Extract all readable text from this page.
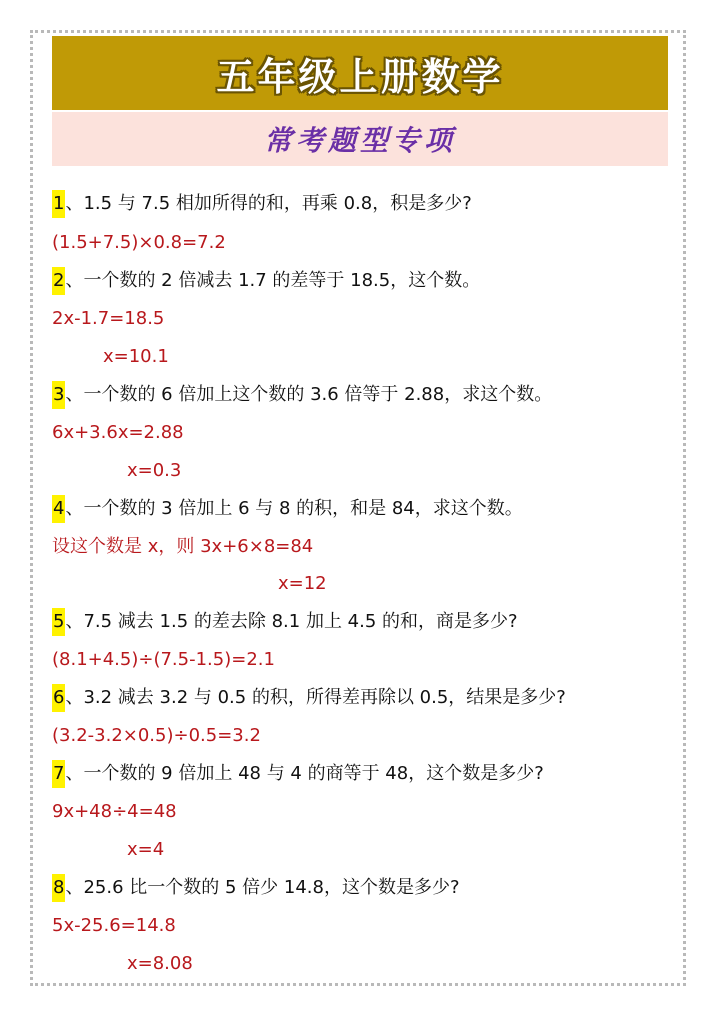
五年级上册数学
常考题型专项
1、1.5 与 7.5 相加所得的和，再乘 0.8，积是多少?
(1.5+7.5)×0.8=7.2
2、一个数的 2 倍减去 1.7 的差等于 18.5，这个数。
2x-1.7=18.5
x=10.1
3、一个数的 6 倍加上这个数的 3.6 倍等于 2.88，求这个数。
6x+3.6x=2.88
x=0.3
4、一个数的 3 倍加上 6 与 8 的积，和是 84，求这个数。
设这个数是 x，则 3x+6×8=84
x=12
5、7.5 减去 1.5 的差去除 8.1 加上 4.5 的和，商是多少?
(8.1+4.5)÷(7.5-1.5)=2.1
6、3.2 减去 3.2 与 0.5 的积，所得差再除以 0.5，结果是多少?
(3.2-3.2×0.5)÷0.5=3.2
7、一个数的 9 倍加上 48 与 4 的商等于 48，这个数是多少?
9x+48÷4=48
x=4
8、25.6 比一个数的 5 倍少 14.8，这个数是多少?
5x-25.6=14.8
x=8.08
